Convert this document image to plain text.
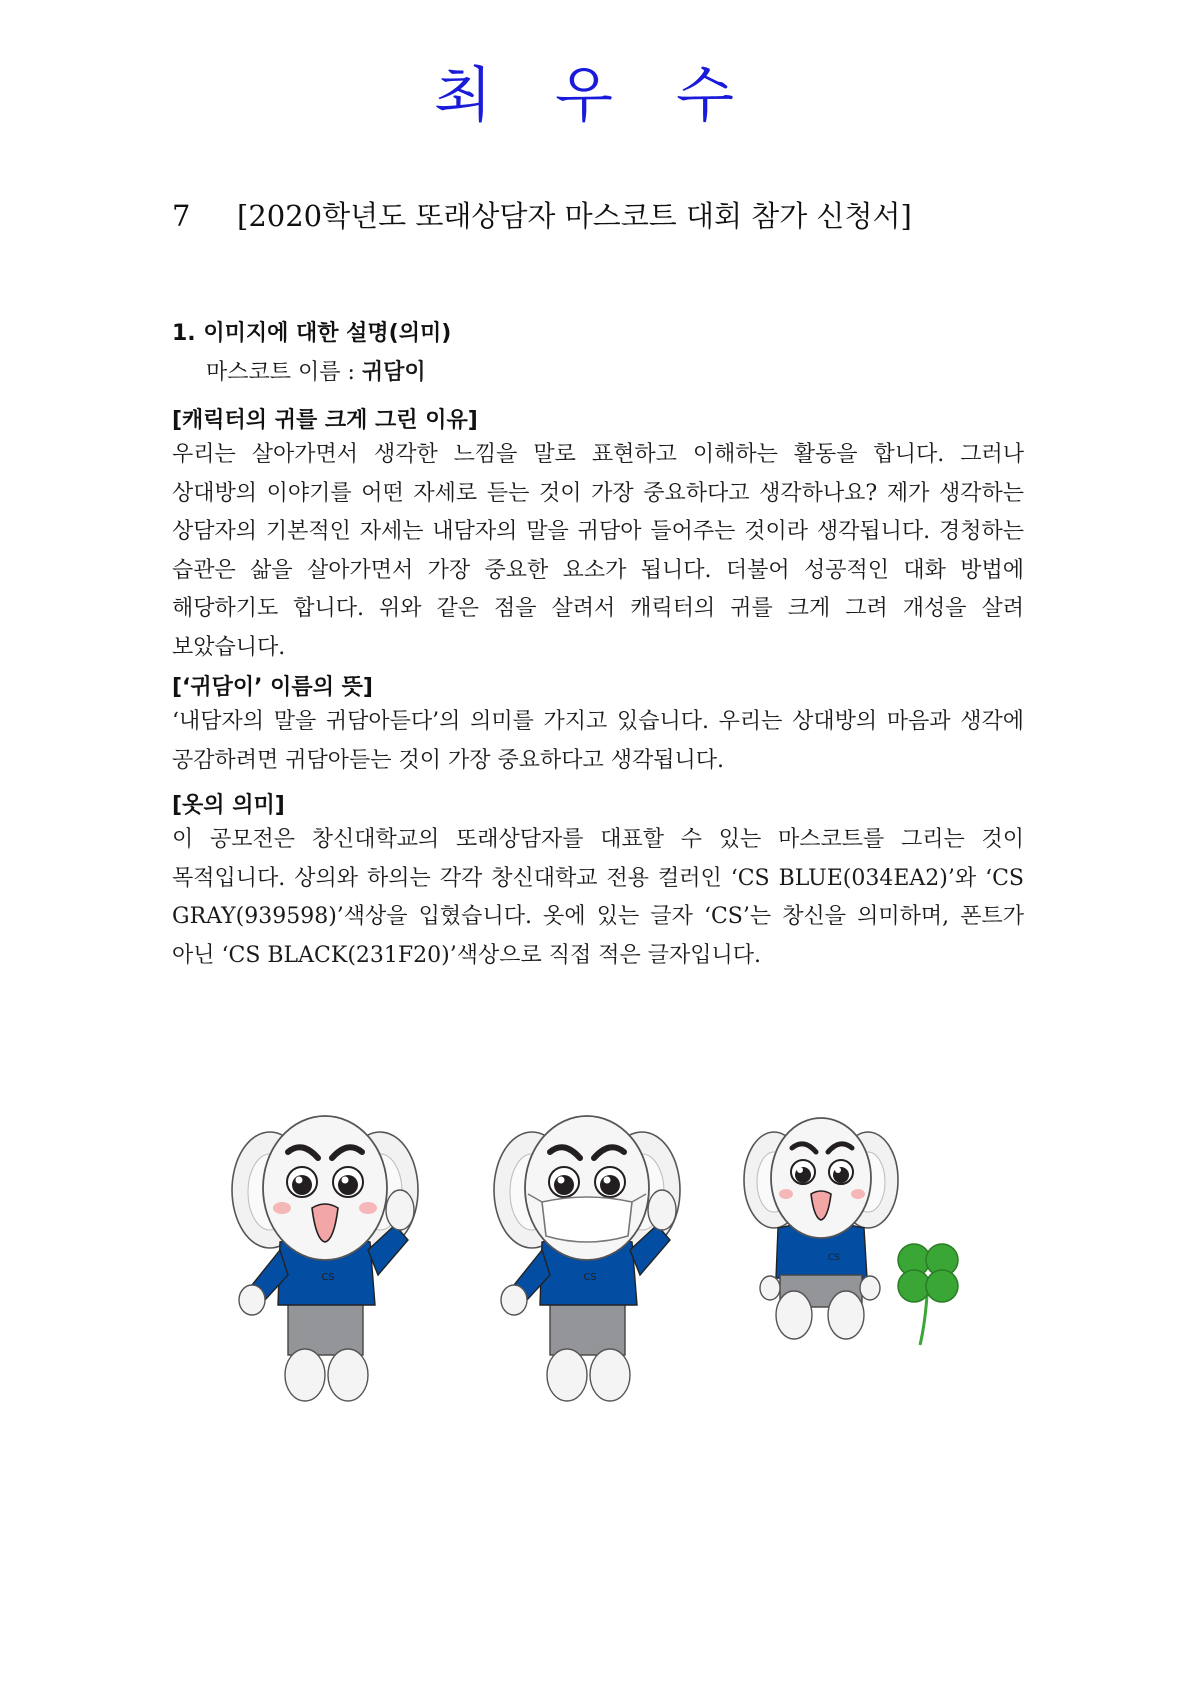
최 우 수
7 [2020학년도 또래상담자 마스코트 대회 참가 신청서]

1. 이미지에 대한 설명(의미)

마스코트 이름 : 귀담이

[캐릭터의 귀를 크게 그린 이유]

우리는 살아가면서 생각한 느낌을 말로 표현하고 이해하는 활동을 합니다. 그러나 상대방의 이야기를 어떤 자세로 듣는 것이 가장 중요하다고 생각하나요? 제가 생각하는 상담자의 기본적인 자세는 내담자의 말을 귀담아 들어주는 것이라 생각됩니다. 경청하는 습관은 삶을 살아가면서 가장 중요한 요소가 됩니다. 더불어 성공적인 대화 방법에 해당하기도 합니다. 위와 같은 점을 살려서 캐릭터의 귀를 크게 그려 개성을 살려 보았습니다.

[‘귀담이’ 이름의 뜻]

‘내담자의 말을 귀담아듣다’의 의미를 가지고 있습니다. 우리는 상대방의 마음과 생각에 공감하려면 귀담아듣는 것이 가장 중요하다고 생각됩니다.

[옷의 의미]

이 공모전은 창신대학교의 또래상담자를 대표할 수 있는 마스코트를 그리는 것이 목적입니다. 상의와 하의는 각각 창신대학교 전용 컬러인 ‘CS BLUE(034EA2)’와 ‘CS GRAY(939598)’색상을 입혔습니다. 옷에 있는 글자 ‘CS’는 창신을 의미하며, 폰트가 아닌 ‘CS BLACK(231F20)’색상으로 직접 적은 글자입니다.

CS	CS
CS
